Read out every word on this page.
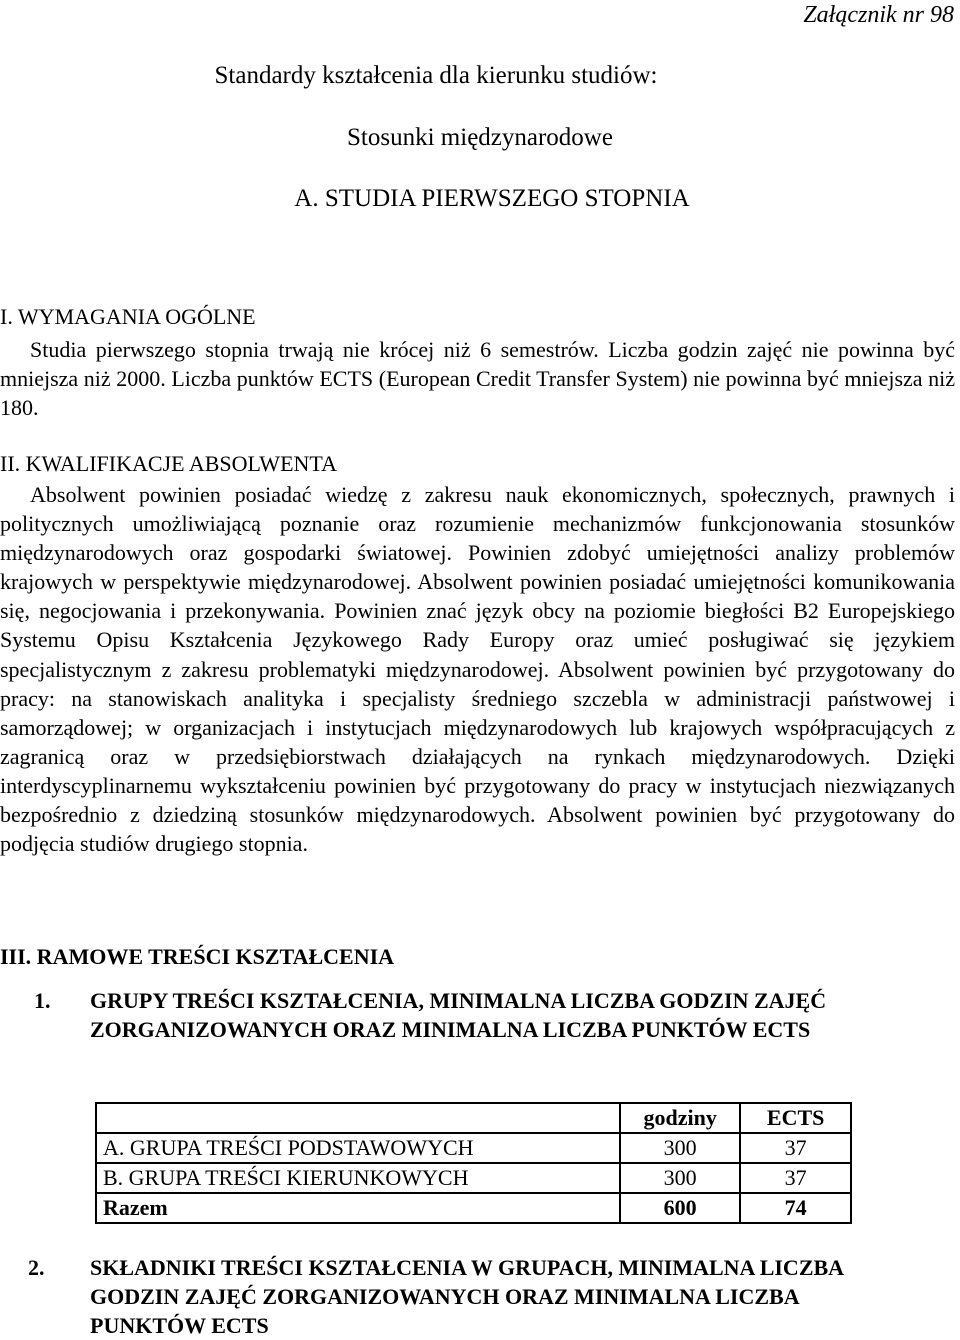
Załącznik nr 98
Standardy kształcenia dla kierunku studiów:
Stosunki międzynarodowe
A. STUDIA PIERWSZEGO STOPNIA
I. WYMAGANIA OGÓLNE
Studia pierwszego stopnia trwają nie krócej niż 6 semestrów. Liczba godzin zajęć nie powinna być mniejsza niż 2000. Liczba punktów ECTS (European Credit Transfer System) nie powinna być mniejsza niż 180.
II. KWALIFIKACJE ABSOLWENTA
Absolwent powinien posiadać wiedzę z zakresu nauk ekonomicznych, społecznych, prawnych i politycznych umożliwiającą poznanie oraz rozumienie mechanizmów funkcjonowania stosunków międzynarodowych oraz gospodarki światowej. Powinien zdobyć umiejętności analizy problemów krajowych w perspektywie międzynarodowej. Absolwent powinien posiadać umiejętności komunikowania się, negocjowania i przekonywania. Powinien znać język obcy na poziomie biegłości B2 Europejskiego Systemu Opisu Kształcenia Językowego Rady Europy oraz umieć posługiwać się językiem specjalistycznym z zakresu problematyki międzynarodowej. Absolwent powinien być przygotowany do pracy: na stanowiskach analityka i specjalisty średniego szczebla w administracji państwowej i samorządowej; w organizacjach i instytucjach międzynarodowych lub krajowych współpracujących z zagranicą oraz w przedsiębiorstwach działających na rynkach międzynarodowych. Dzięki interdyscyplinarnemu wykształceniu powinien być przygotowany do pracy w instytucjach niezwiązanych bezpośrednio z dziedziną stosunków międzynarodowych. Absolwent powinien być przygotowany do podjęcia studiów drugiego stopnia.
III. RAMOWE TREŚCI KSZTAŁCENIA
1.	GRUPY TREŚCI KSZTAŁCENIA, MINIMALNA LICZBA GODZIN ZAJĘĆ ZORGANIZOWANYCH ORAZ MINIMALNA LICZBA PUNKTÓW ECTS
	godziny	ECTS
A. GRUPA TREŚCI PODSTAWOWYCH	300	37
B. GRUPA TREŚCI KIERUNKOWYCH	300	37
Razem	600	74
2.	SKŁADNIKI TREŚCI KSZTAŁCENIA W GRUPACH, MINIMALNA LICZBA GODZIN ZAJĘĆ ZORGANIZOWANYCH ORAZ MINIMALNA LICZBA PUNKTÓW ECTS
